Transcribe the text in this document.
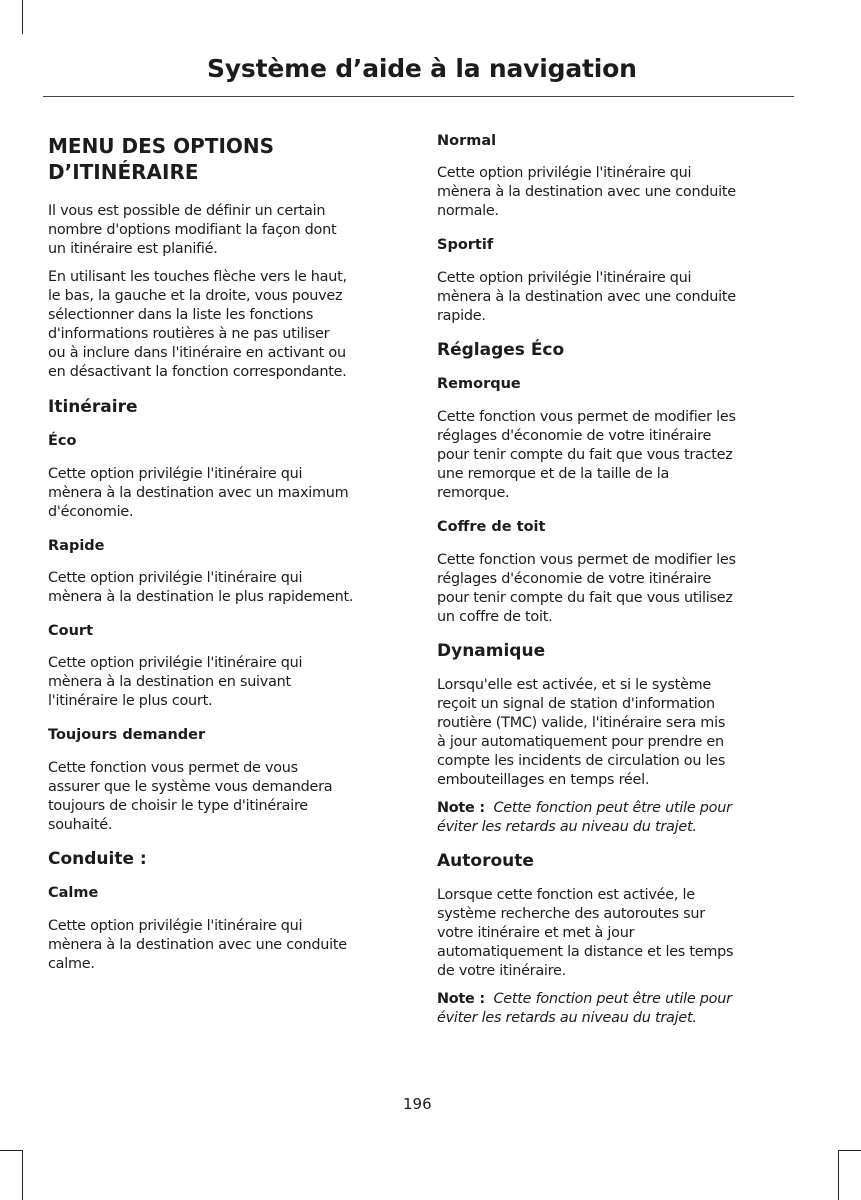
Système d’aide à la navigation
MENU DES OPTIONS
D’ITINÉRAIRE
Il vous est possible de définir un certain
nombre d'options modifiant la façon dont
un itinéraire est planifié.
En utilisant les touches flèche vers le haut,
le bas, la gauche et la droite, vous pouvez
sélectionner dans la liste les fonctions
d'informations routières à ne pas utiliser
ou à inclure dans l'itinéraire en activant ou
en désactivant la fonction correspondante.
Itinéraire
Éco
Cette option privilégie l'itinéraire qui
mènera à la destination avec un maximum
d'économie.
Rapide
Cette option privilégie l'itinéraire qui
mènera à la destination le plus rapidement.
Court
Cette option privilégie l'itinéraire qui
mènera à la destination en suivant
l'itinéraire le plus court.
Toujours demander
Cette fonction vous permet de vous
assurer que le système vous demandera
toujours de choisir le type d'itinéraire
souhaité.
Conduite :
Calme
Cette option privilégie l'itinéraire qui
mènera à la destination avec une conduite
calme.
Normal
Cette option privilégie l'itinéraire qui
mènera à la destination avec une conduite
normale.
Sportif
Cette option privilégie l'itinéraire qui
mènera à la destination avec une conduite
rapide.
Réglages Éco
Remorque
Cette fonction vous permet de modifier les
réglages d'économie de votre itinéraire
pour tenir compte du fait que vous tractez
une remorque et de la taille de la
remorque.
Coffre de toit
Cette fonction vous permet de modifier les
réglages d'économie de votre itinéraire
pour tenir compte du fait que vous utilisez
un coffre de toit.
Dynamique
Lorsqu'elle est activée, et si le système
reçoit un signal de station d'information
routière (TMC) valide, l'itinéraire sera mis
à jour automatiquement pour prendre en
compte les incidents de circulation ou les
embouteillages en temps réel.
Note : Cette fonction peut être utile pour
éviter les retards au niveau du trajet.
Autoroute
Lorsque cette fonction est activée, le
système recherche des autoroutes sur
votre itinéraire et met à jour
automatiquement la distance et les temps
de votre itinéraire.
Note : Cette fonction peut être utile pour
éviter les retards au niveau du trajet.
196
